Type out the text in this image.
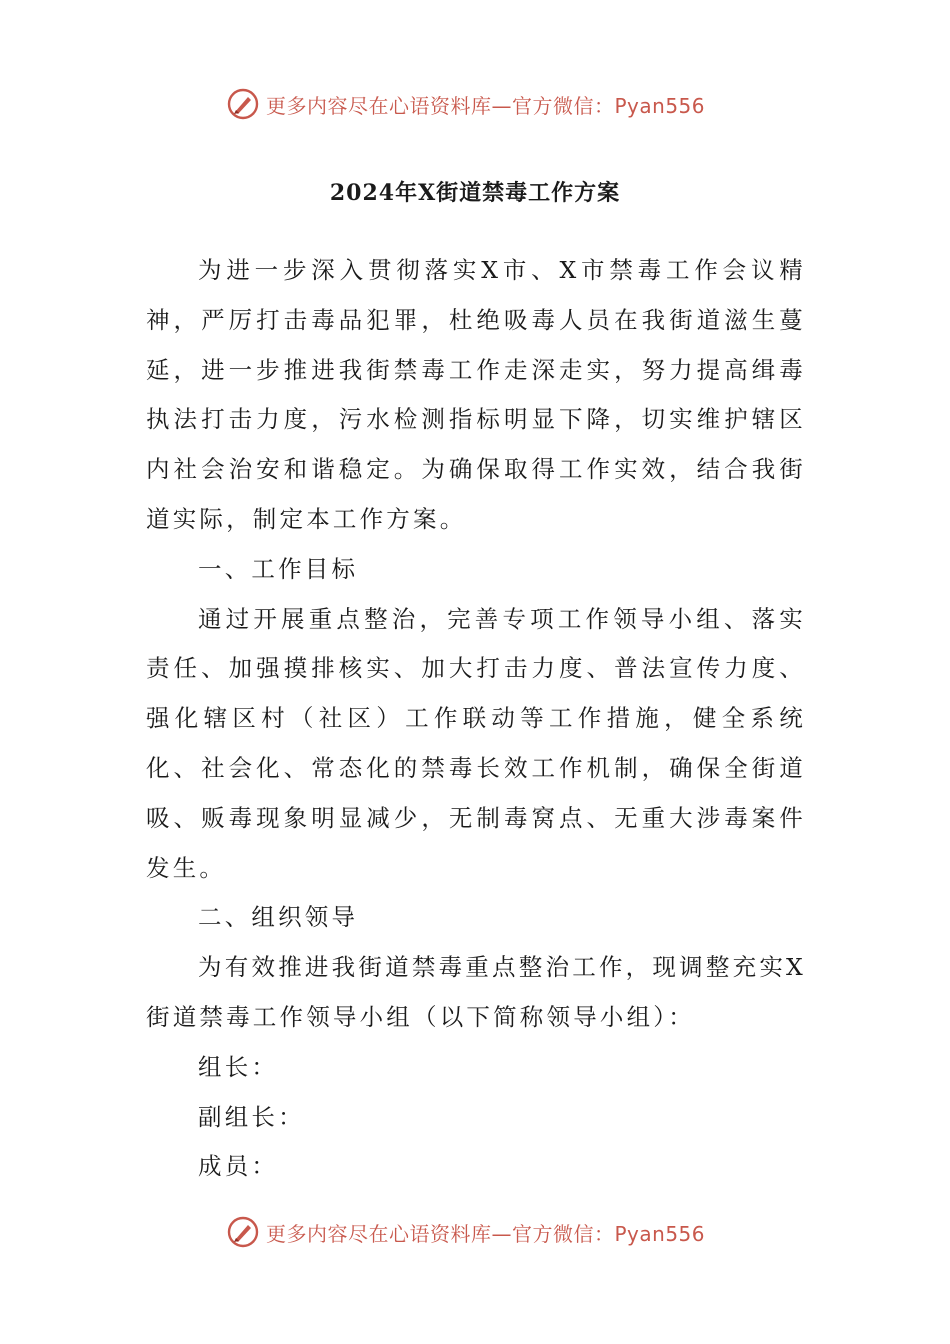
更多内容尽在心语资料库—官方微信：Pyan556
2024年X街道禁毒工作方案

为进一步深入贯彻落实X市、X市禁毒工作会议精神，严厉打击毒品犯罪，杜绝吸毒人员在我街道滋生蔓延，进一步推进我街禁毒工作走深走实，努力提高缉毒执法打击力度，污水检测指标明显下降，切实维护辖区内社会治安和谐稳定。为确保取得工作实效，结合我街道实际，制定本工作方案。

一、工作目标

通过开展重点整治，完善专项工作领导小组、落实责任、加强摸排核实、加大打击力度、普法宣传力度、强化辖区村（社区）工作联动等工作措施，健全系统化、社会化、常态化的禁毒长效工作机制，确保全街道吸、贩毒现象明显减少，无制毒窝点、无重大涉毒案件发生。

二、组织领导

为有效推进我街道禁毒重点整治工作，现调整充实X街道禁毒工作领导小组（以下简称领导小组）：

组长：

副组长：

成员：

更多内容尽在心语资料库—官方微信：Pyan556
